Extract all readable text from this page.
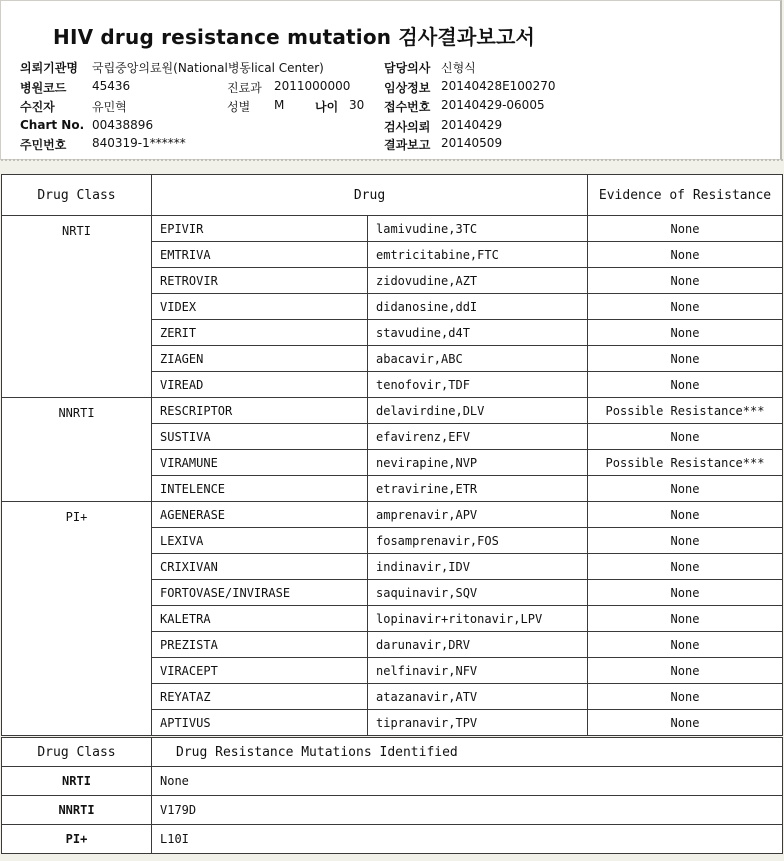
HIV drug resistance mutation 검사결과보고서
의뢰기관명 국립중앙의료원(National병동lical Center)
병원코드 45436
수진자	유민혁
Chart No. 00438896
주민번호 840319-1******
진료과 2011000000
성별 M	나이 30
담당의사 신형식
임상정보 20140428E100270
접수번호 20140429-06005
검사의뢰 20140429
결과보고 20140509
Drug Class	Drug		Evidence of Resistance
NRTI	EPIVIR	lamivudine,3TC	None
	EMTRIVA	emtricitabine,FTC	None
	RETROVIR	zidovudine,AZT	None
	VIDEX	didanosine,ddI	None
	ZERIT	stavudine,d4T	None
	ZIAGEN	abacavir,ABC	None
	VIREAD	tenofovir,TDF	None
NNRTI	RESCRIPTOR	delavirdine,DLV	Possible Resistance***
	SUSTIVA	efavirenz,EFV	None
	VIRAMUNE	nevirapine,NVP	Possible Resistance***
	INTELENCE	etravirine,ETR	None
PI+	AGENERASE	amprenavir,APV	None
	LEXIVA	fosamprenavir,FOS	None
	CRIXIVAN	indinavir,IDV	None
	FORTOVASE/INVIRASE	saquinavir,SQV	None
	KALETRA	lopinavir+ritonavir,LPV	None
	PREZISTA	darunavir,DRV	None
	VIRACEPT	nelfinavir,NFV	None
	REYATAZ	atazanavir,ATV	None
	APTIVUS	tipranavir,TPV	None
Drug Class	Drug Resistance Mutations Identified
NRTI	None
NNRTI	V179D
PI+	L10I
